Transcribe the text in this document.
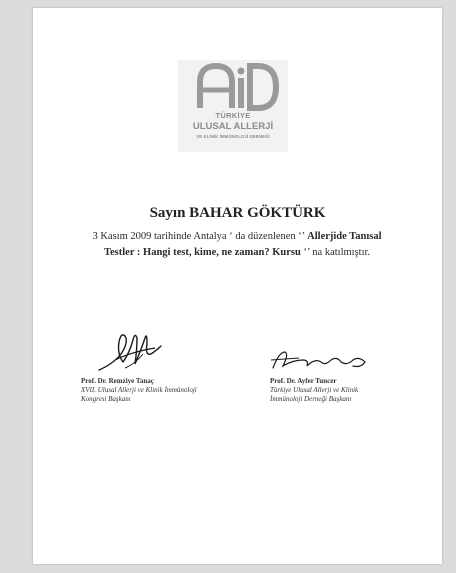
TÜRKİYE
ULUSAL ALLERJİ
VE KLİNİK İMMÜNOLOJİ DERNEĞİ
Sayın BAHAR GÖKTÜRK
3 Kasım 2009 tarihinde Antalya ‘ da düzenlenen ‘’ Allerjide Tanısal Testler : Hangi test, kime, ne zaman? Kursu ‘’ na katılmıştır.
Prof. Dr. Remziye Tanaç
XVII. Ulusal Allerji ve Klinik İmmünoloji
Kongresi Başkanı
Prof. Dr. Ayfer Tuncer
Türkiye Ulusal Allerji ve Klinik
İmmünoloji Derneği Başkanı
